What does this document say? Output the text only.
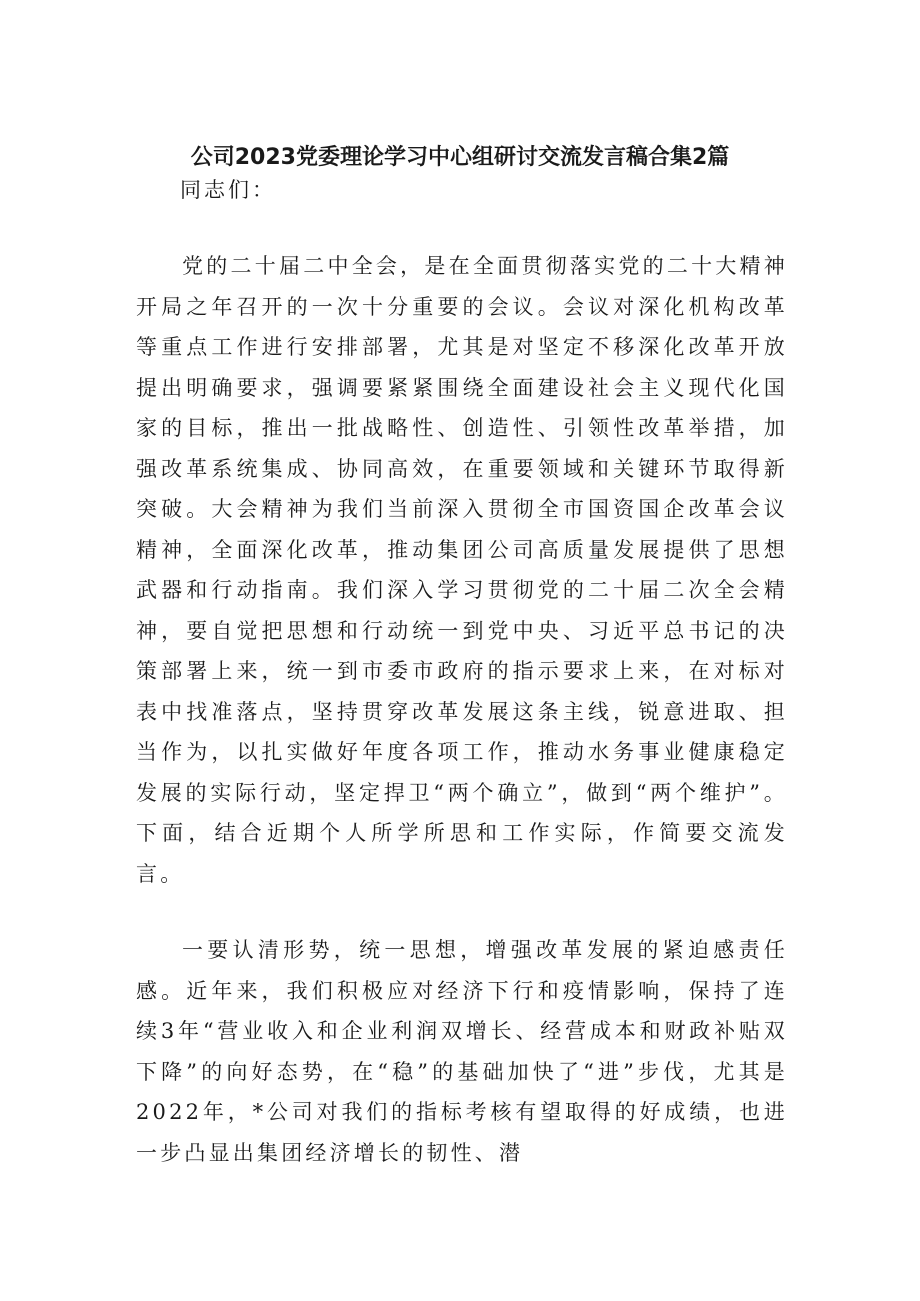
公司2023党委理论学习中心组研讨交流发言稿合集2篇

同志们：

党的二十届二中全会，是在全面贯彻落实党的二十大精神开局之年召开的一次十分重要的会议。会议对深化机构改革等重点工作进行安排部署，尤其是对坚定不移深化改革开放提出明确要求，强调要紧紧围绕全面建设社会主义现代化国家的目标，推出一批战略性、创造性、引领性改革举措，加强改革系统集成、协同高效，在重要领域和关键环节取得新突破。大会精神为我们当前深入贯彻全市国资国企改革会议精神，全面深化改革，推动集团公司高质量发展提供了思想武器和行动指南。我们深入学习贯彻党的二十届二次全会精神，要自觉把思想和行动统一到党中央、习近平总书记的决策部署上来，统一到市委市政府的指示要求上来，在对标对表中找准落点，坚持贯穿改革发展这条主线，锐意进取、担当作为，以扎实做好年度各项工作，推动水务事业健康稳定发展的实际行动，坚定捍卫“两个确立”，做到“两个维护”。下面，结合近期个人所学所思和工作实际，作简要交流发言。

一要认清形势，统一思想，增强改革发展的紧迫感责任感。近年来，我们积极应对经济下行和疫情影响，保持了连续3年“营业收入和企业利润双增长、经营成本和财政补贴双下降”的向好态势，在“稳”的基础加快了“进”步伐，尤其是2022年，*公司对我们的指标考核有望取得的好成绩，也进一步凸显出集团经济增长的韧性、潜
